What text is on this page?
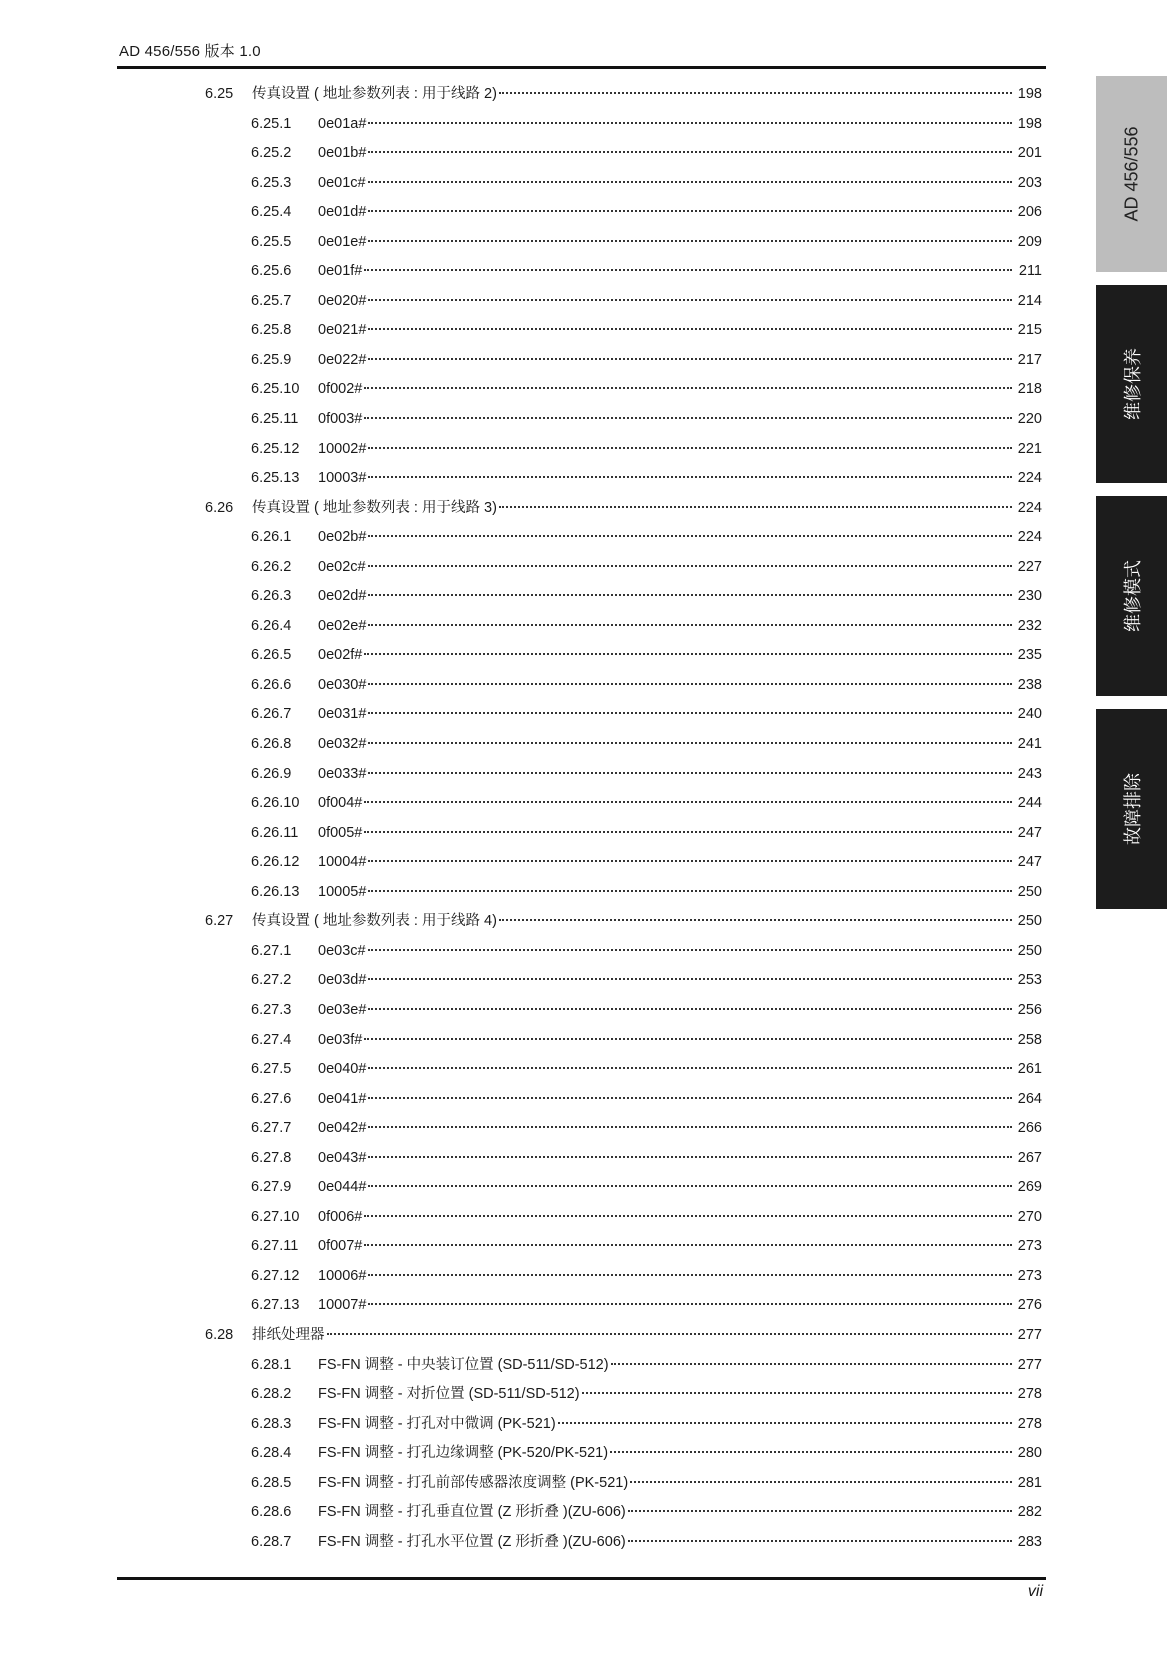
AD 456/556 版本 1.0
6.25	传真设置 ( 地址参数列表 : 用于线路 2)	198
6.25.1	0e01a#	198
6.25.2	0e01b#	201
6.25.3	0e01c#	203
6.25.4	0e01d#	206
6.25.5	0e01e#	209
6.25.6	0e01f#	211
6.25.7	0e020#	214
6.25.8	0e021#	215
6.25.9	0e022#	217
6.25.10	0f002#	218
6.25.11	0f003#	220
6.25.12	10002#	221
6.25.13	10003#	224
6.26	传真设置 ( 地址参数列表 : 用于线路 3)	224
6.26.1	0e02b#	224
6.26.2	0e02c#	227
6.26.3	0e02d#	230
6.26.4	0e02e#	232
6.26.5	0e02f#	235
6.26.6	0e030#	238
6.26.7	0e031#	240
6.26.8	0e032#	241
6.26.9	0e033#	243
6.26.10	0f004#	244
6.26.11	0f005#	247
6.26.12	10004#	247
6.26.13	10005#	250
6.27	传真设置 ( 地址参数列表 : 用于线路 4)	250
6.27.1	0e03c#	250
6.27.2	0e03d#	253
6.27.3	0e03e#	256
6.27.4	0e03f#	258
6.27.5	0e040#	261
6.27.6	0e041#	264
6.27.7	0e042#	266
6.27.8	0e043#	267
6.27.9	0e044#	269
6.27.10	0f006#	270
6.27.11	0f007#	273
6.27.12	10006#	273
6.27.13	10007#	276
6.28	排纸处理器	277
6.28.1	FS-FN 调整 - 中央装订位置 (SD-511/SD-512)	277
6.28.2	FS-FN 调整 - 对折位置 (SD-511/SD-512)	278
6.28.3	FS-FN 调整 - 打孔对中微调 (PK-521)	278
6.28.4	FS-FN 调整 - 打孔边缘调整 (PK-520/PK-521)	280
6.28.5	FS-FN 调整 - 打孔前部传感器浓度调整 (PK-521)	281
6.28.6	FS-FN 调整 - 打孔垂直位置 (Z 形折叠 )(ZU-606)	282
6.28.7	FS-FN 调整 - 打孔水平位置 (Z 形折叠 )(ZU-606)	283
AD 456/556
维修保养
维修模式
故障排除
vii
